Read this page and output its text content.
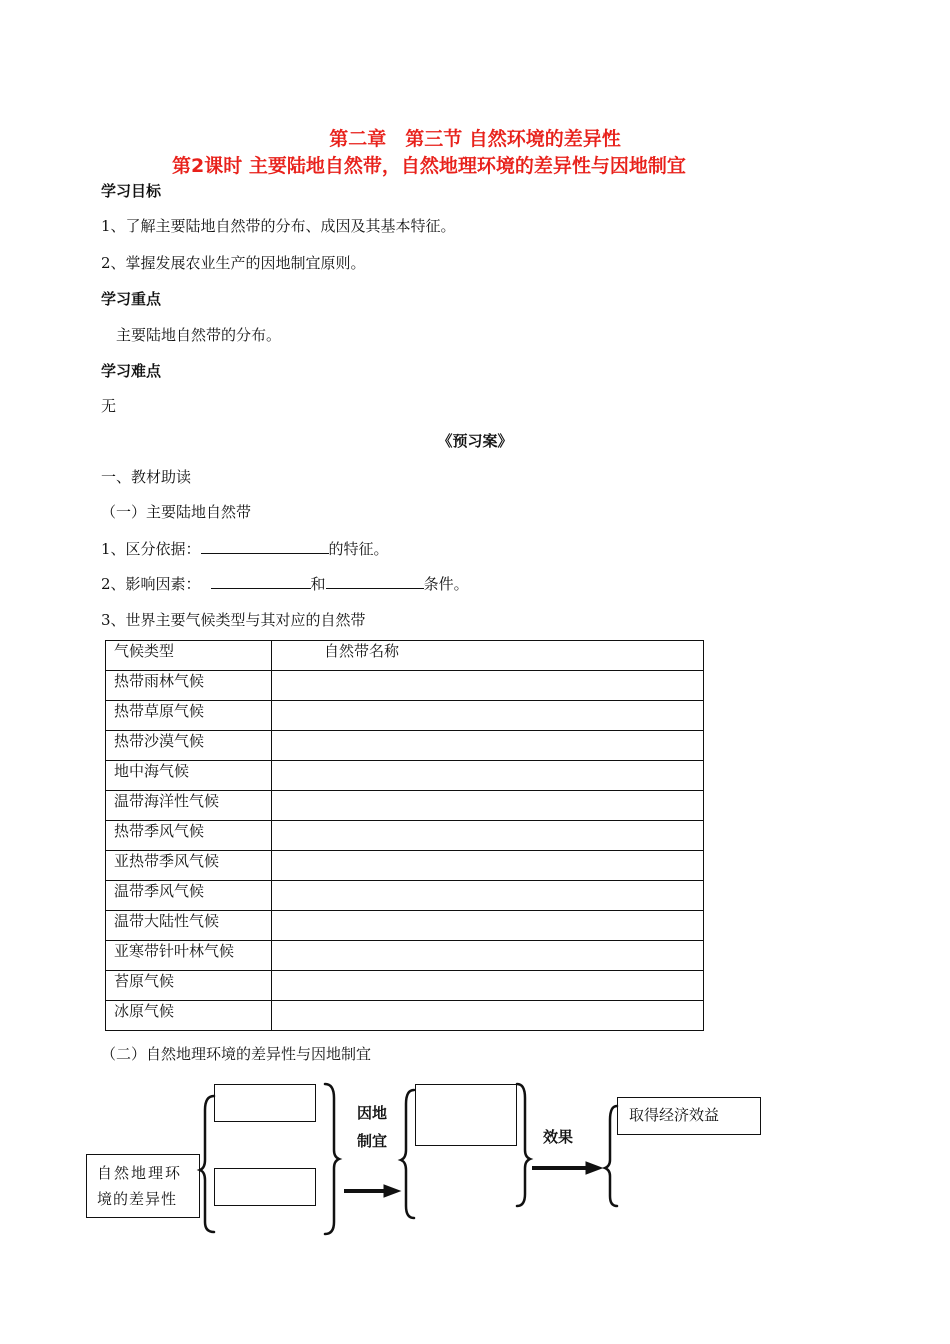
第二章　第三节 自然环境的差异性
第2课时 主要陆地自然带，自然地理环境的差异性与因地制宜
学习目标
1、了解主要陆地自然带的分布、成因及其基本特征。
2、掌握发展农业生产的因地制宜原则。
学习重点
主要陆地自然带的分布。
学习难点
无
《预习案》
一、教材助读
（一）主要陆地自然带
1、区分依据：	的特征。
2、影响因素：	和	条件。
3、世界主要气候类型与其对应的自然带
气候类型	自然带名称
热带雨林气候	
热带草原气候	
热带沙漠气候	
地中海气候	
温带海洋性气候	
热带季风气候	
亚热带季风气候	
温带季风气候	
温带大陆性气候	
亚寒带针叶林气候	
苔原气候	
冰原气候	
（二）自然地理环境的差异性与因地制宜
自然地理环
境的差异性
取得经济效益
因地
制宜	效果
